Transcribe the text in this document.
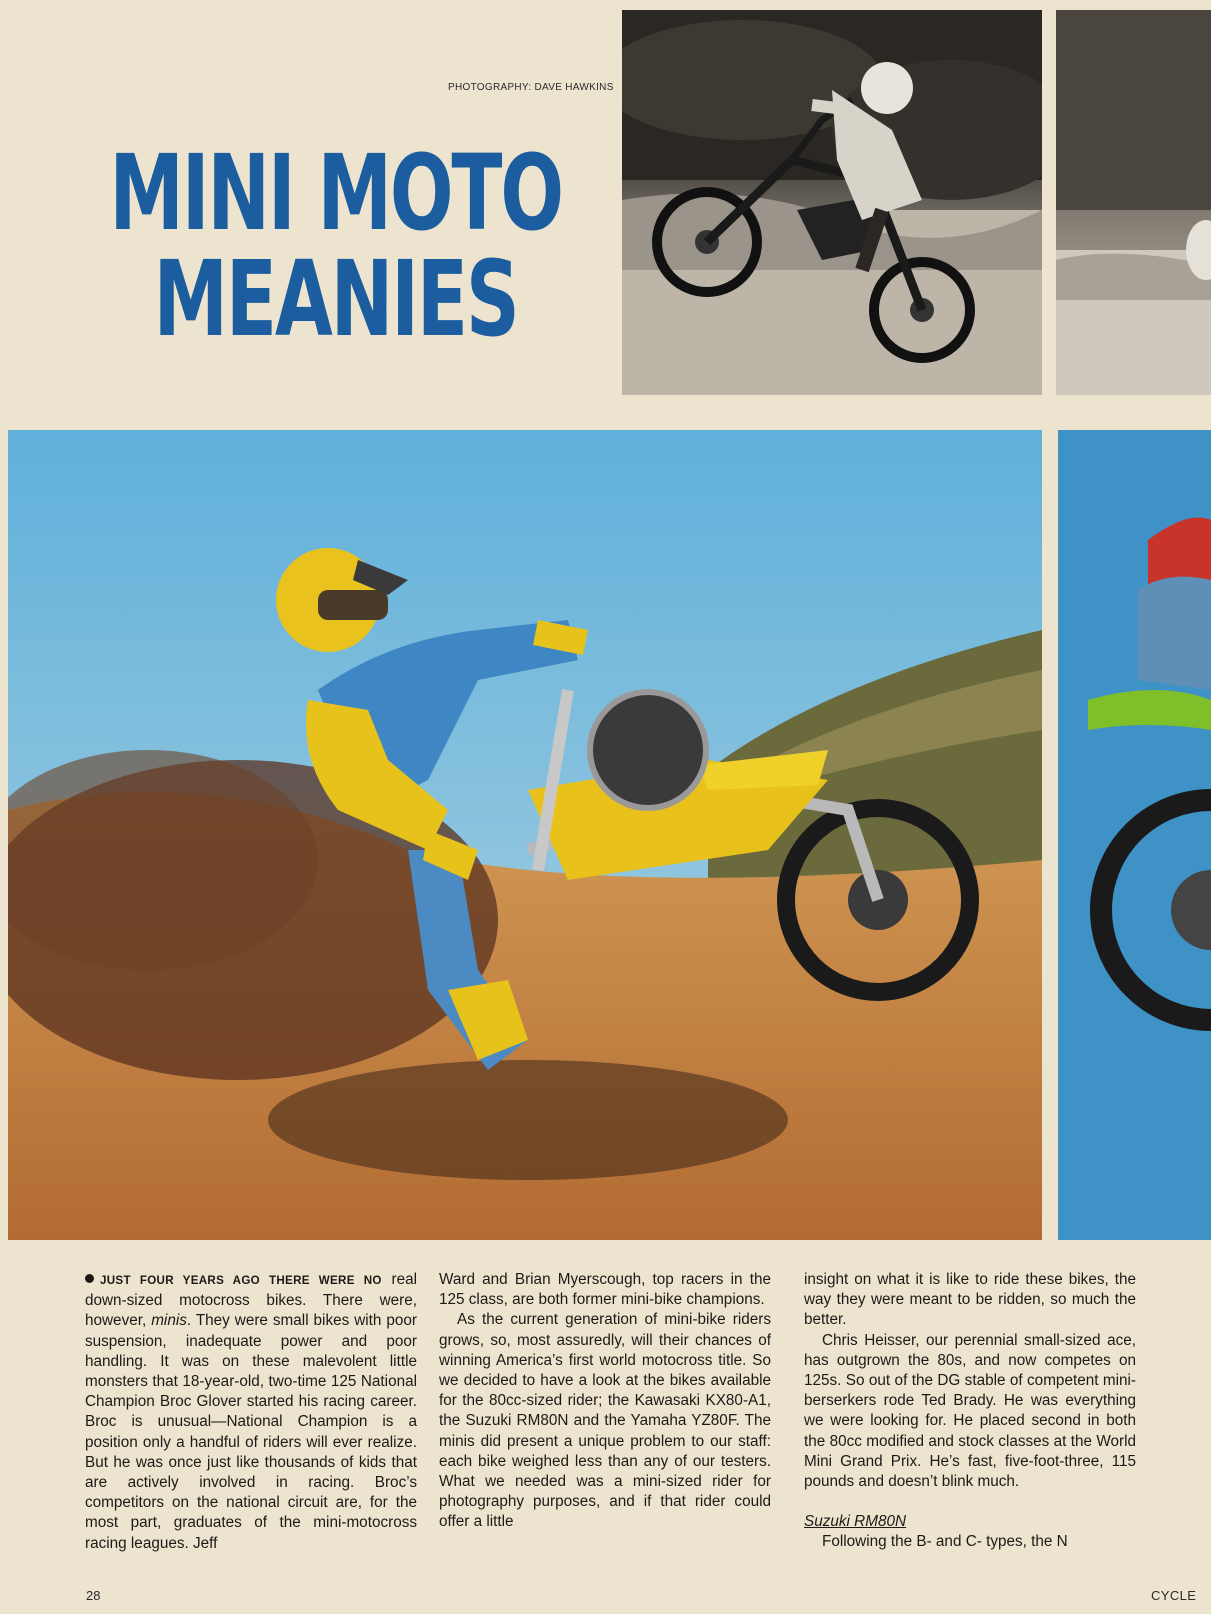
PHOTOGRAPHY: DAVE HAWKINS
MINI MOTO
MEANIES

JUST FOUR YEARS AGO THERE WERE NO real down-sized motocross bikes. There were, however, minis. They were small bikes with poor suspension, inadequate power and poor handling. It was on these malevolent little monsters that 18-year-old, two-time 125 National Champion Broc Glover started his racing career. Broc is unusual—National Champion is a position only a handful of riders will ever realize. But he was once just like thousands of kids that are actively involved in racing. Broc’s competitors on the national circuit are, for the most part, graduates of the mini-motocross racing leagues. Jeff

Ward and Brian Myerscough, top racers in the 125 class, are both former mini-bike champions.

As the current generation of mini-bike riders grows, so, most assuredly, will their chances of winning America’s first world motocross title. So we decided to have a look at the bikes available for the 80cc-sized rider; the Kawasaki KX80-A1, the Suzuki RM80N and the Yamaha YZ80F. The minis did present a unique problem to our staff: each bike weighed less than any of our testers. What we needed was a mini-sized rider for photography purposes, and if that rider could offer a little

insight on what it is like to ride these bikes, the way they were meant to be ridden, so much the better.

Chris Heisser, our perennial small-sized ace, has outgrown the 80s, and now competes on 125s. So out of the DG stable of competent mini-berserkers rode Ted Brady. He was everything we were looking for. He placed second in both the 80cc modified and stock classes at the World Mini Grand Prix. He’s fast, five-foot-three, 115 pounds and doesn’t blink much.

Suzuki RM80N

Following the B- and C- types, the N

28	CYCLE
